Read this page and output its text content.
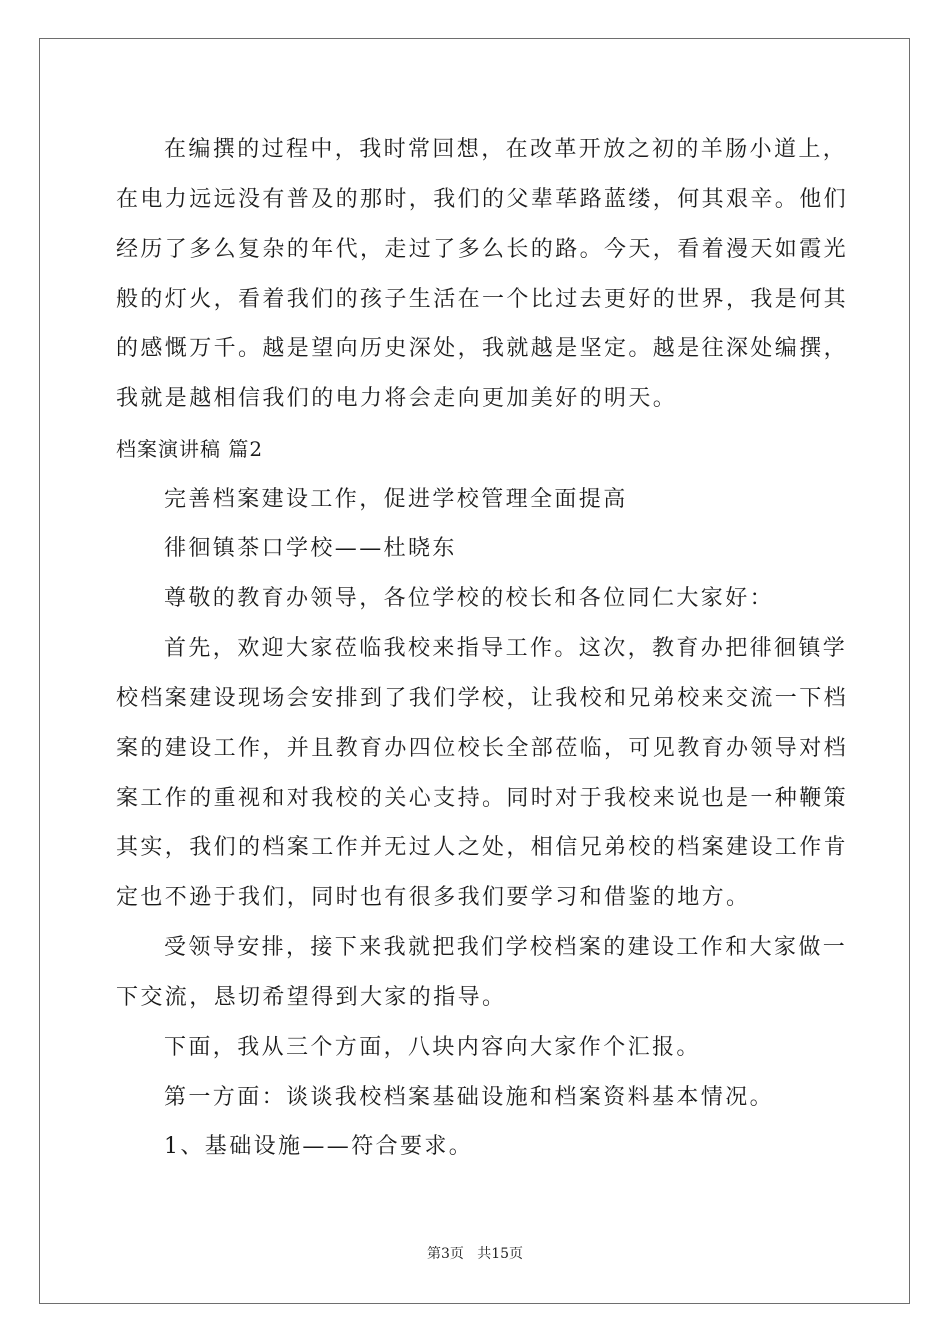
在编撰的过程中，我时常回想，在改革开放之初的羊肠小道上，
在电力远远没有普及的那时，我们的父辈荜路蓝缕，何其艰辛。他们
经历了多么复杂的年代，走过了多么长的路。今天，看着漫天如霞光
般的灯火，看着我们的孩子生活在一个比过去更好的世界，我是何其
的感慨万千。越是望向历史深处，我就越是坚定。越是往深处编撰，
我就是越相信我们的电力将会走向更加美好的明天。
档案演讲稿 篇2
完善档案建设工作，促进学校管理全面提高
徘徊镇茶口学校——杜晓东
尊敬的教育办领导，各位学校的校长和各位同仁大家好：
首先，欢迎大家莅临我校来指导工作。这次，教育办把徘徊镇学
校档案建设现场会安排到了我们学校，让我校和兄弟校来交流一下档
案的建设工作，并且教育办四位校长全部莅临，可见教育办领导对档
案工作的重视和对我校的关心支持。同时对于我校来说也是一种鞭策
其实，我们的档案工作并无过人之处，相信兄弟校的档案建设工作肯
定也不逊于我们，同时也有很多我们要学习和借鉴的地方。
受领导安排，接下来我就把我们学校档案的建设工作和大家做一
下交流，恳切希望得到大家的指导。
下面，我从三个方面，八块内容向大家作个汇报。
第一方面：谈谈我校档案基础设施和档案资料基本情况。
1、基础设施——符合要求。
第3页   共15页
